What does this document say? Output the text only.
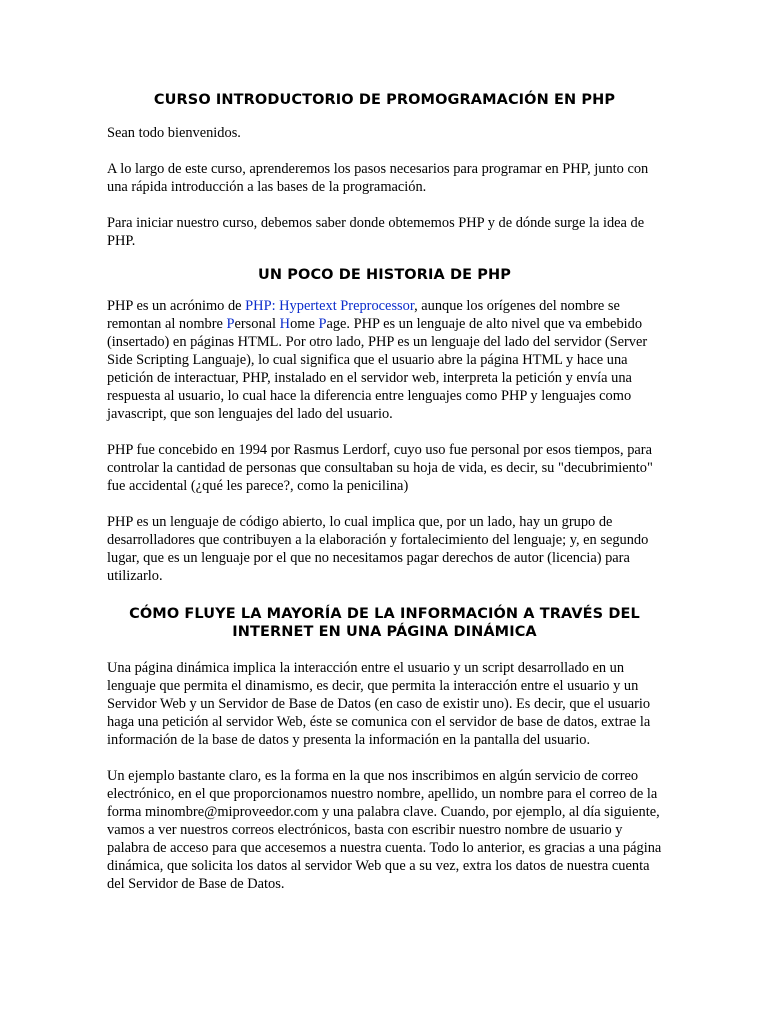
CURSO INTRODUCTORIO DE PROMOGRAMACIÓN EN PHP

Sean todo bienvenidos.

A lo largo de este curso, aprenderemos los pasos necesarios para programar en PHP, junto con una rápida introducción a las bases de la programación.

Para iniciar nuestro curso, debemos saber donde obtememos PHP y de dónde surge la idea de PHP.

UN POCO DE HISTORIA DE PHP

PHP es un acrónimo de PHP: Hypertext Preprocessor, aunque los orígenes del nombre se remontan al nombre Personal Home Page. PHP es un lenguaje de alto nivel que va embebido (insertado) en páginas HTML. Por otro lado, PHP es un lenguaje del lado del servidor (Server Side Scripting Languaje), lo cual significa que el usuario abre la página HTML y hace una petición de interactuar, PHP, instalado en el servidor web, interpreta la petición y envía una respuesta al usuario, lo cual hace la diferencia entre lenguajes como PHP y lenguajes como javascript, que son lenguajes del lado del usuario.

PHP fue concebido en 1994 por Rasmus Lerdorf, cuyo uso fue personal por esos tiempos, para controlar la cantidad de personas que consultaban su hoja de vida, es decir, su "decubrimiento" fue accidental (¿qué les parece?, como la penicilina)

PHP es un lenguaje de código abierto, lo cual implica que, por un lado, hay un grupo de desarrolladores que contribuyen a la elaboración y fortalecimiento del lenguaje; y, en segundo lugar, que es un lenguaje por el que no necesitamos pagar derechos de autor (licencia) para utilizarlo.

CÓMO FLUYE LA MAYORÍA DE LA INFORMACIÓN A TRAVÉS DEL
INTERNET EN UNA PÁGINA DINÁMICA

Una página dinámica implica la interacción entre el usuario y un script desarrollado en un lenguaje que permita el dinamismo, es decir, que permita la interacción entre el usuario y un Servidor Web y un Servidor de Base de Datos (en caso de existir uno). Es decir, que el usuario haga una petición al servidor Web, éste se comunica con el servidor de base de datos, extrae la información de la base de datos y presenta la información en la pantalla del usuario.

Un ejemplo bastante claro, es la forma en la que nos inscribimos en algún servicio de correo electrónico, en el que proporcionamos nuestro nombre, apellido, un nombre para el correo de la forma minombre@miproveedor.com y una palabra clave. Cuando, por ejemplo, al día siguiente, vamos a ver nuestros correos electrónicos, basta con escribir nuestro nombre de usuario y palabra de acceso para que accesemos a nuestra cuenta. Todo lo anterior, es gracias a una página dinámica, que solicita los datos al servidor Web que a su vez, extra los datos de nuestra cuenta del Servidor de Base de Datos.
